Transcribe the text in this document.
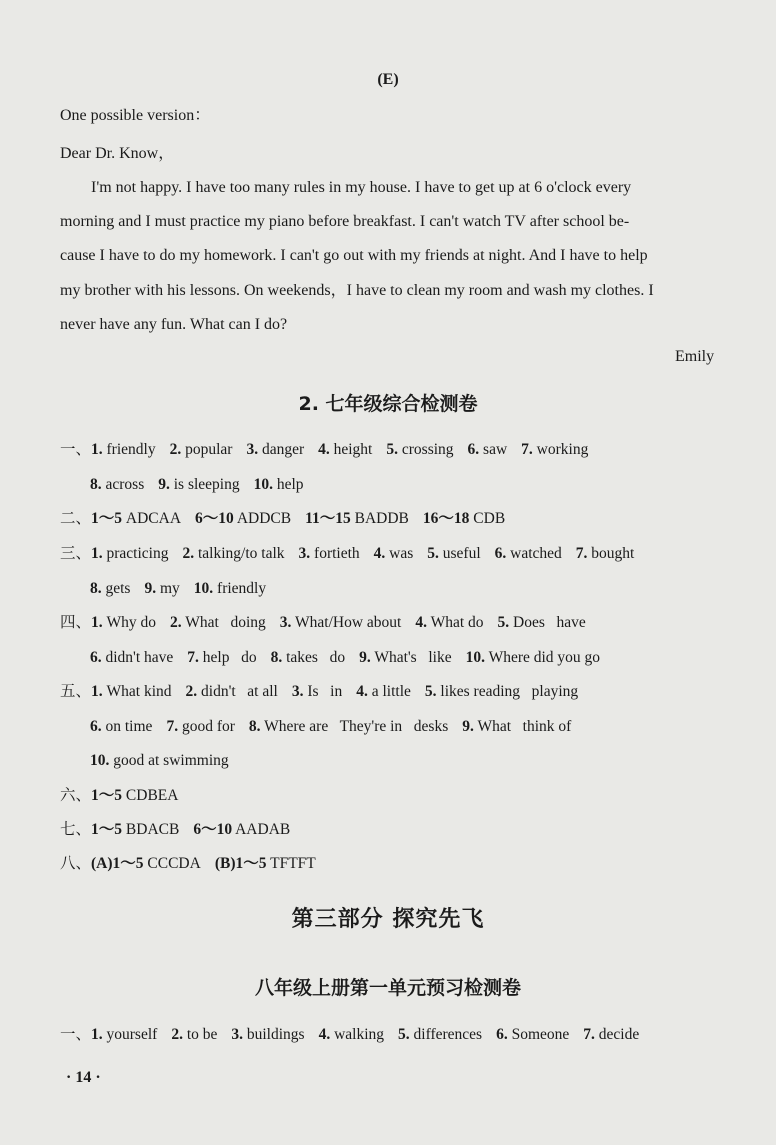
(E)
One possible version：
Dear Dr. Know，
I'm not happy. I have too many rules in my house. I have to get up at 6 o'clock every
morning and I must practice my piano before breakfast. I can't watch TV after school be-
cause I have to do my homework. I can't go out with my friends at night. And I have to help
my brother with his lessons. On weekends，I have to clean my room and wash my clothes. I
never have any fun. What can I do?
Emily
2. 七年级综合检测卷
一、1. friendly 2. popular 3. danger 4. height 5. crossing 6. saw 7. working
8. across 9. is sleeping 10. help
二、1～5 ADCAA 6～10 ADDCB 11～15 BADDB 16～18 CDB
三、1. practicing 2. talking/to talk 3. fortieth 4. was 5. useful 6. watched 7. bought
8. gets 9. my 10. friendly
四、1. Why do 2. What   doing 3. What/How about 4. What do 5. Does   have
6. didn't have 7. help   do 8. takes   do 9. What's   like 10. Where did you go
五、1. What kind 2. didn't   at all 3. Is   in 4. a little 5. likes reading   playing
6. on time 7. good for 8. Where are   They're in   desks 9. What   think of
10. good at swimming
六、1～5 CDBEA
七、1～5 BDACB 6～10 AADAB
八、(A)1～5 CCCDA (B)1～5 TFTFT
第三部分 探究先飞
八年级上册第一单元预习检测卷
一、1. yourself 2. to be 3. buildings 4. walking 5. differences 6. Someone 7. decide
· 14 ·
